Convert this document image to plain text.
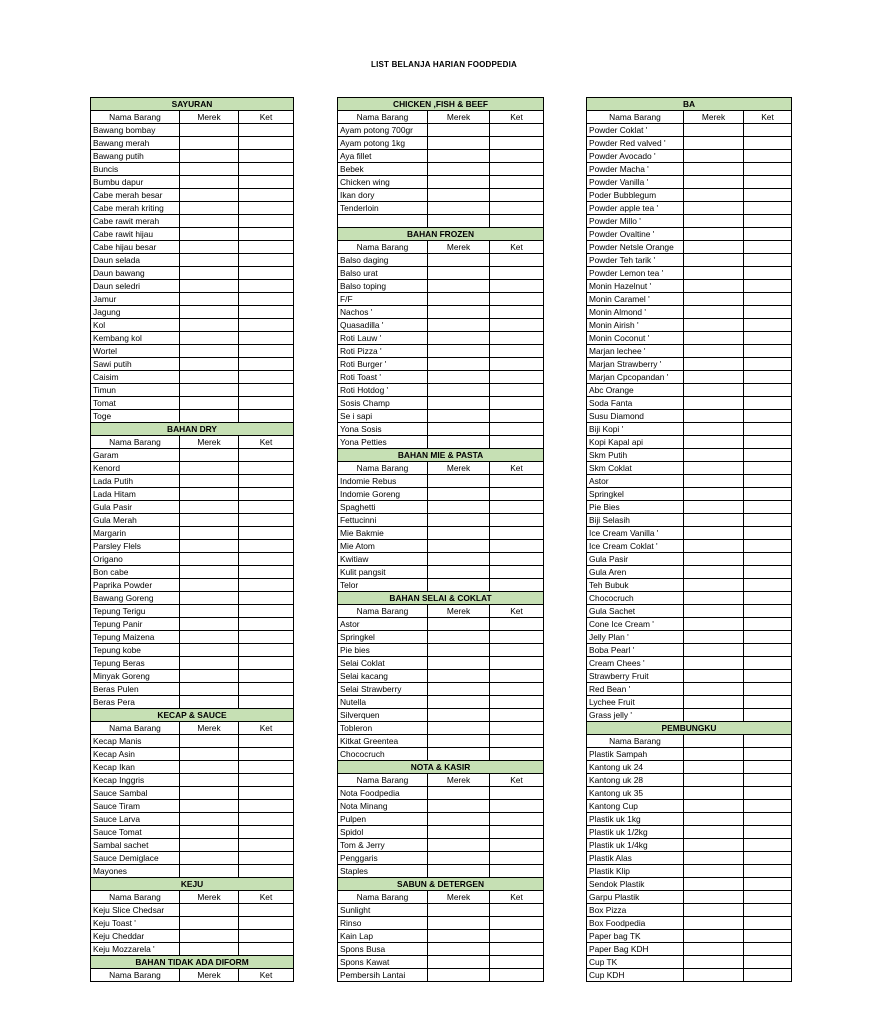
LIST BELANJA HARIAN FOODPEDIA
SAYURAN		
Nama Barang	Merek	Ket
Bawang bombay		
Bawang merah		
Bawang putih		
Buncis		
Bumbu dapur		
Cabe merah besar		
Cabe merah kriting		
Cabe rawit merah		
Cabe rawit hijau		
Cabe hijau besar		
Daun selada		
Daun bawang		
Daun seledri		
Jamur		
Jagung		
Kol		
Kembang kol		
Wortel		
Sawi putih		
Caisim		
Timun		
Tomat		
Toge		
BAHAN DRY		
Nama Barang	Merek	Ket
Garam		
Kenord		
Lada Putih		
Lada Hitam		
Gula Pasir		
Gula Merah		
Margarin		
Parsley Flels		
Origano		
Bon cabe		
Paprika Powder		
Bawang Goreng		
Tepung Terigu		
Tepung Panir		
Tepung Maizena		
Tepung kobe		
Tepung Beras		
Minyak Goreng		
Beras Pulen		
Beras Pera		
KECAP & SAUCE		
Nama Barang	Merek	Ket
Kecap Manis		
Kecap Asin		
Kecap Ikan		
Kecap Inggris		
Sauce Sambal		
Sauce Tiram		
Sauce Larva		
Sauce Tomat		
Sambal sachet		
Sauce Demiglace		
Mayones		
KEJU		
Nama Barang	Merek	Ket
Keju Slice Chedsar		
Keju Toast '		
Keju Cheddar		
Keju Mozzarela '		
BAHAN TIDAK ADA DIFORM		
Nama Barang	Merek	Ket
CHICKEN ,FISH & BEEF		
Nama Barang	Merek	Ket
Ayam potong 700gr		
Ayam potong 1kg		
Aya fillet		
Bebek		
Chicken wing		
Ikan dory		
Tenderloin		

BAHAN FROZEN		
Nama Barang	Merek	Ket
Balso daging		
Balso urat		
Balso toping		
F/F		
Nachos '		
Quasadilla '		
Roti Lauw '		
Roti Pizza '		
Roti Burger '		
Roti Toast '		
Roti Hotdog '		
Sosis Champ		
Se i sapi		
Yona Sosis		
Yona Petties		
BAHAN MIE & PASTA		
Nama Barang	Merek	Ket
Indomie Rebus		
Indomie Goreng		
Spaghetti		
Fettucinni		
Mie Bakmie		
Mie Atom		
Kwitiaw		
Kulit pangsit		
Telor		
BAHAN SELAI & COKLAT		
Nama Barang	Merek	Ket
Astor		
Springkel		
Pie bies		
Selai Coklat		
Selai kacang		
Selai Strawberry		
Nutella		
Silverquen		
Tobleron		
Kitkat Greentea		
Chococruch		
NOTA & KASIR		
Nama Barang	Merek	Ket
Nota Foodpedia		
Nota Minang		
Pulpen		
Spidol		
Tom & Jerry		
Penggaris		
Staples		
SABUN & DETERGEN		
Nama Barang	Merek	Ket
Sunlight		
Rinso		
Kain Lap		
Spons Busa		
Spons Kawat		
Pembersih Lantai		
BA		
Nama Barang	Merek	Ket
Powder Coklat '		
Powder Red valved '		
Powder Avocado '		
Powder Macha '		
Powder Vanilla '		
Poder Bubblegum		
Powder apple tea '		
Powder Millo '		
Powder Ovaltine '		
Powder Netsle Orange		
Powder Teh tarik '		
Powder Lemon tea '		
Monin Hazelnut '		
Monin Caramel '		
Monin Almond '		
Monin Airish '		
Monin Coconut '		
Marjan lechee '		
Marjan Strawberry '		
Marjan Cpcopandan '		
Abc Orange		
Soda Fanta		
Susu Diamond		
Biji Kopi '		
Kopi Kapal api		
Skm Putih		
Skm Coklat		
Astor		
Springkel		
Pie Bies		
Biji Selasih		
Ice Cream Vanilla '		
Ice Cream Coklat '		
Gula Pasir		
Gula Aren		
Teh Bubuk		
Chococruch		
Gula Sachet		
Cone Ice Cream '		
Jelly Plan '		
Boba Pearl '		
Cream Chees '		
Strawberry Fruit		
Red Bean '		
Lychee Fruit		
Grass jelly '		
PEMBUNGKU		
Nama Barang		
Plastik Sampah		
Kantong uk 24		
Kantong uk 28		
Kantong uk 35		
Kantong Cup		
Plastik uk 1kg		
Plastik uk 1/2kg		
Plastik uk 1/4kg		
Plastik Alas		
Plastik Klip		
Sendok Plastik		
Garpu Plastik		
Box Pizza		
Box Foodpedia		
Paper bag TK		
Paper Bag KDH		
Cup TK		
Cup KDH		
